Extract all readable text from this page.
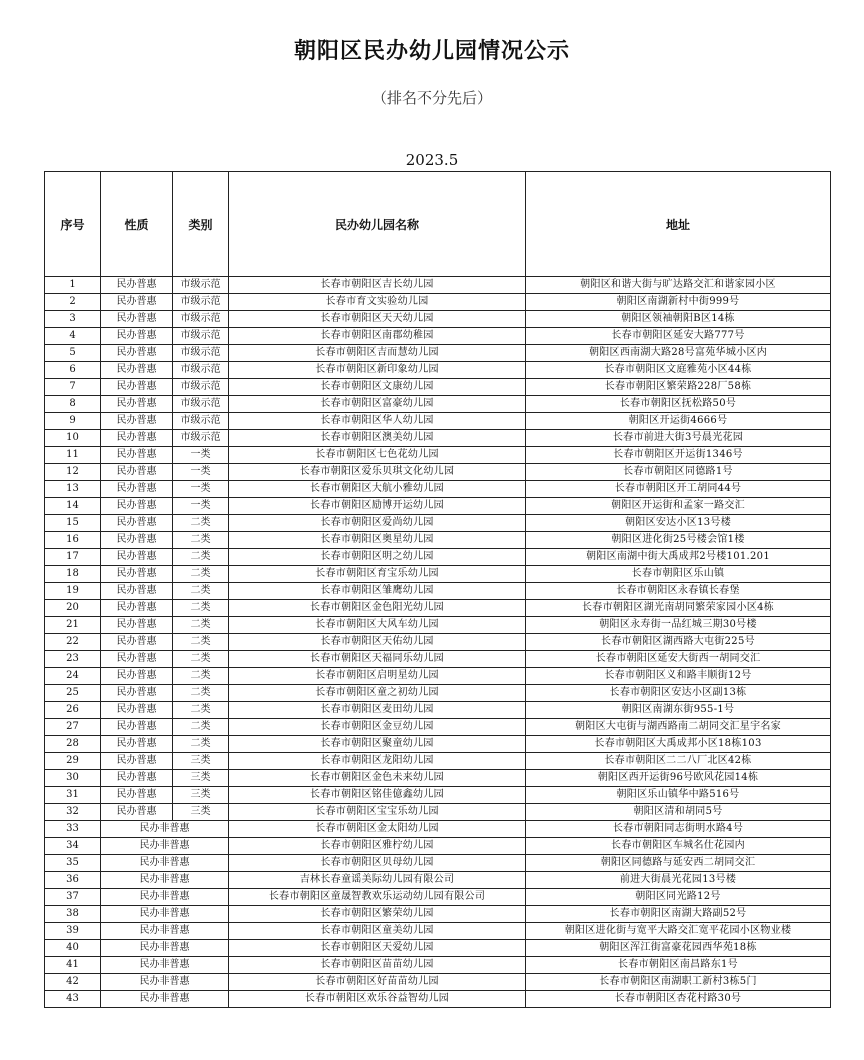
朝阳区民办幼儿园情况公示
（排名不分先后）
2023.5
序号	性质	类别	民办幼儿园名称	地址
1	民办普惠	市级示范	长春市朝阳区吉长幼儿园	朝阳区和谐大街与旷达路交汇和谐家园小区
2	民办普惠	市级示范	长春市育文实验幼儿园	朝阳区南湖新村中街999号
3	民办普惠	市级示范	长春市朝阳区天天幼儿园	朝阳区领袖朝阳B区14栋
4	民办普惠	市级示范	长春市朝阳区南郡幼稚园	长春市朝阳区延安大路777号
5	民办普惠	市级示范	长春市朝阳区吉而慧幼儿园	朝阳区西南湖大路28号富苑华城小区内
6	民办普惠	市级示范	长春市朝阳区新印象幼儿园	长春市朝阳区文庭雅苑小区44栋
7	民办普惠	市级示范	长春市朝阳区文康幼儿园	长春市朝阳区繁荣路228厂58栋
8	民办普惠	市级示范	长春市朝阳区富豪幼儿园	长春市朝阳区抚松路50号
9	民办普惠	市级示范	长春市朝阳区华人幼儿园	朝阳区开运街4666号
10	民办普惠	市级示范	长春市朝阳区澳美幼儿园	长春市前进大街3号晨光花园
11	民办普惠	一类	长春市朝阳区七色花幼儿园	长春市朝阳区开运街1346号
12	民办普惠	一类	长春市朝阳区爱乐贝琪文化幼儿园	长春市朝阳区同德路1号
13	民办普惠	一类	长春市朝阳区大航小雅幼儿园	长春市朝阳区开工胡同44号
14	民办普惠	一类	长春市朝阳区励博开运幼儿园	朝阳区开运街和孟家一路交汇
15	民办普惠	二类	长春市朝阳区爱尚幼儿园	朝阳区安达小区13号楼
16	民办普惠	二类	长春市朝阳区奥星幼儿园	朝阳区进化街25号楼会馆1楼
17	民办普惠	二类	长春市朝阳区明之幼儿园	朝阳区南湖中街大禹成邦2号楼101.201
18	民办普惠	二类	长春市朝阳区育宝乐幼儿园	长春市朝阳区乐山镇
19	民办普惠	二类	长春市朝阳区雏鹰幼儿园	长春市朝阳区永春镇长春堡
20	民办普惠	二类	长春市朝阳区金色阳光幼儿园	长春市朝阳区湖光南胡同繁荣家园小区4栋
21	民办普惠	二类	长春市朝阳区大风车幼儿园	朝阳区永寿街一品红城三期30号楼
22	民办普惠	二类	长春市朝阳区天佑幼儿园	长春市朝阳区湖西路大屯街225号
23	民办普惠	二类	长春市朝阳区天福同乐幼儿园	长春市朝阳区延安大街西一胡同交汇
24	民办普惠	二类	长春市朝阳区启明星幼儿园	长春市朝阳区义和路丰顺街12号
25	民办普惠	二类	长春市朝阳区童之初幼儿园	长春市朝阳区安达小区副13栋
26	民办普惠	二类	长春市朝阳区麦田幼儿园	朝阳区南湖东街955-1号
27	民办普惠	二类	长春市朝阳区金豆幼儿园	朝阳区大屯街与湖西路南二胡同交汇星宇名家
28	民办普惠	二类	长春市朝阳区聚童幼儿园	长春市朝阳区大禹成邦小区18栋103
29	民办普惠	三类	长春市朝阳区龙阳幼儿园	长春市朝阳区二二八厂北区42栋
30	民办普惠	三类	长春市朝阳区金色未来幼儿园	朝阳区西开运街96号欧风花园14栋
31	民办普惠	三类	长春市朝阳区铭佳億鑫幼儿园	朝阳区乐山镇华中路516号
32	民办普惠	三类	长春市朝阳区宝宝乐幼儿园	朝阳区清和胡同5号
33	民办非普惠		长春市朝阳区金太阳幼儿园	长春市朝阳同志街明水路4号
34	民办非普惠		长春市朝阳区雅柠幼儿园	长春市朝阳区车城名仕花园内
35	民办非普惠		长春市朝阳区贝母幼儿园	朝阳区同德路与延安西二胡同交汇
36	民办非普惠		吉林长春童谣美际幼儿园有限公司	前进大街晨光花园13号楼
37	民办非普惠		长春市朝阳区童晟智教欢乐运动幼儿园有限公司	朝阳区同光路12号
38	民办非普惠		长春市朝阳区繁荣幼儿园	长春市朝阳区南湖大路副52号
39	民办非普惠		长春市朝阳区童美幼儿园	朝阳区进化街与宽平大路交汇宽平花园小区物业楼
40	民办非普惠		长春市朝阳区天爱幼儿园	朝阳区浑江街富豪花园西华苑18栋
41	民办非普惠		长春市朝阳区苗苗幼儿园	长春市朝阳区南昌路东1号
42	民办非普惠		长春市朝阳区好苗苗幼儿园	长春市朝阳区南湖职工新村3栋5门
43	民办非普惠		长春市朝阳区欢乐谷益智幼儿园	长春市朝阳区杏花村路30号
